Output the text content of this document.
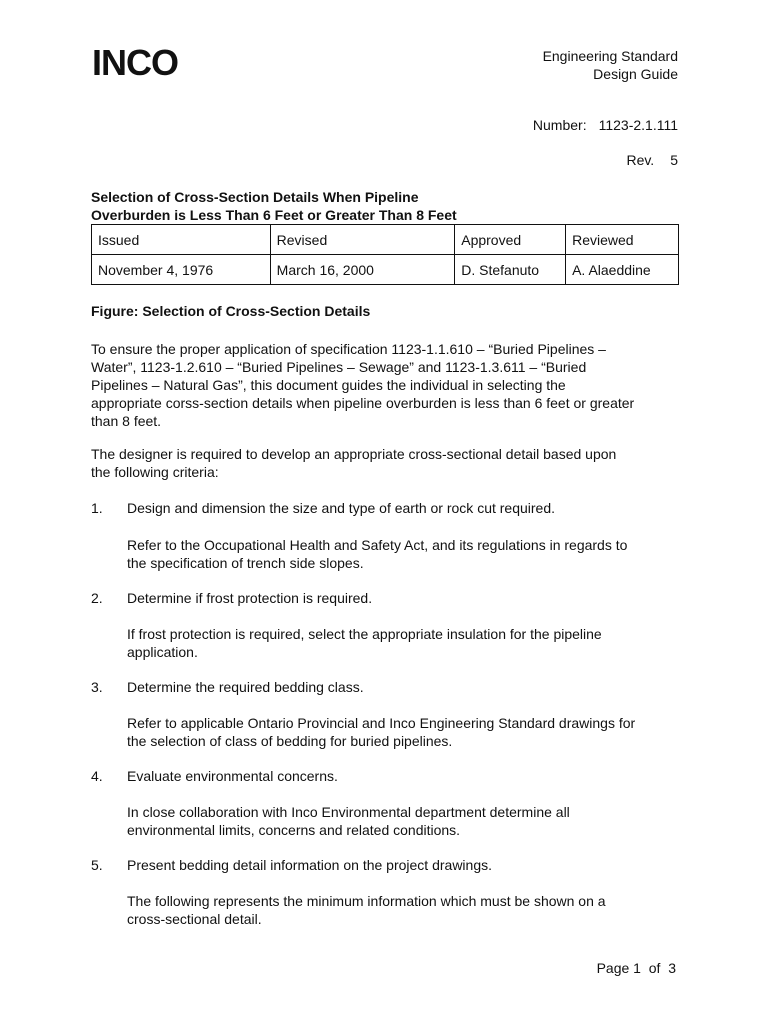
INCO	Engineering Standard
Design Guide
Number: 1123-2.1.111
Rev. 5
Selection of Cross-Section Details When Pipeline
Overburden is Less Than 6 Feet or Greater Than 8 Feet
Issued	Revised	Approved	Reviewed
November 4, 1976	March 16, 2000	D. Stefanuto	A. Alaeddine
Figure: Selection of Cross-Section Details
To ensure the proper application of specification 1123-1.1.610 – “Buried Pipelines –
Water”, 1123-1.2.610 – “Buried Pipelines – Sewage” and 1123-1.3.611 – “Buried
Pipelines – Natural Gas”, this document guides the individual in selecting the
appropriate corss-section details when pipeline overburden is less than 6 feet or greater
than 8 feet.
The designer is required to develop an appropriate cross-sectional detail based upon
the following criteria:
1. Design and dimension the size and type of earth or rock cut required.
Refer to the Occupational Health and Safety Act, and its regulations in regards to
the specification of trench side slopes.
2. Determine if frost protection is required.
If frost protection is required, select the appropriate insulation for the pipeline
application.
3. Determine the required bedding class.
Refer to applicable Ontario Provincial and Inco Engineering Standard drawings for
the selection of class of bedding for buried pipelines.
4. Evaluate environmental concerns.
In close collaboration with Inco Environmental department determine all
environmental limits, concerns and related conditions.
5. Present bedding detail information on the project drawings.
The following represents the minimum information which must be shown on a
cross-sectional detail.
Page 1  of  3
